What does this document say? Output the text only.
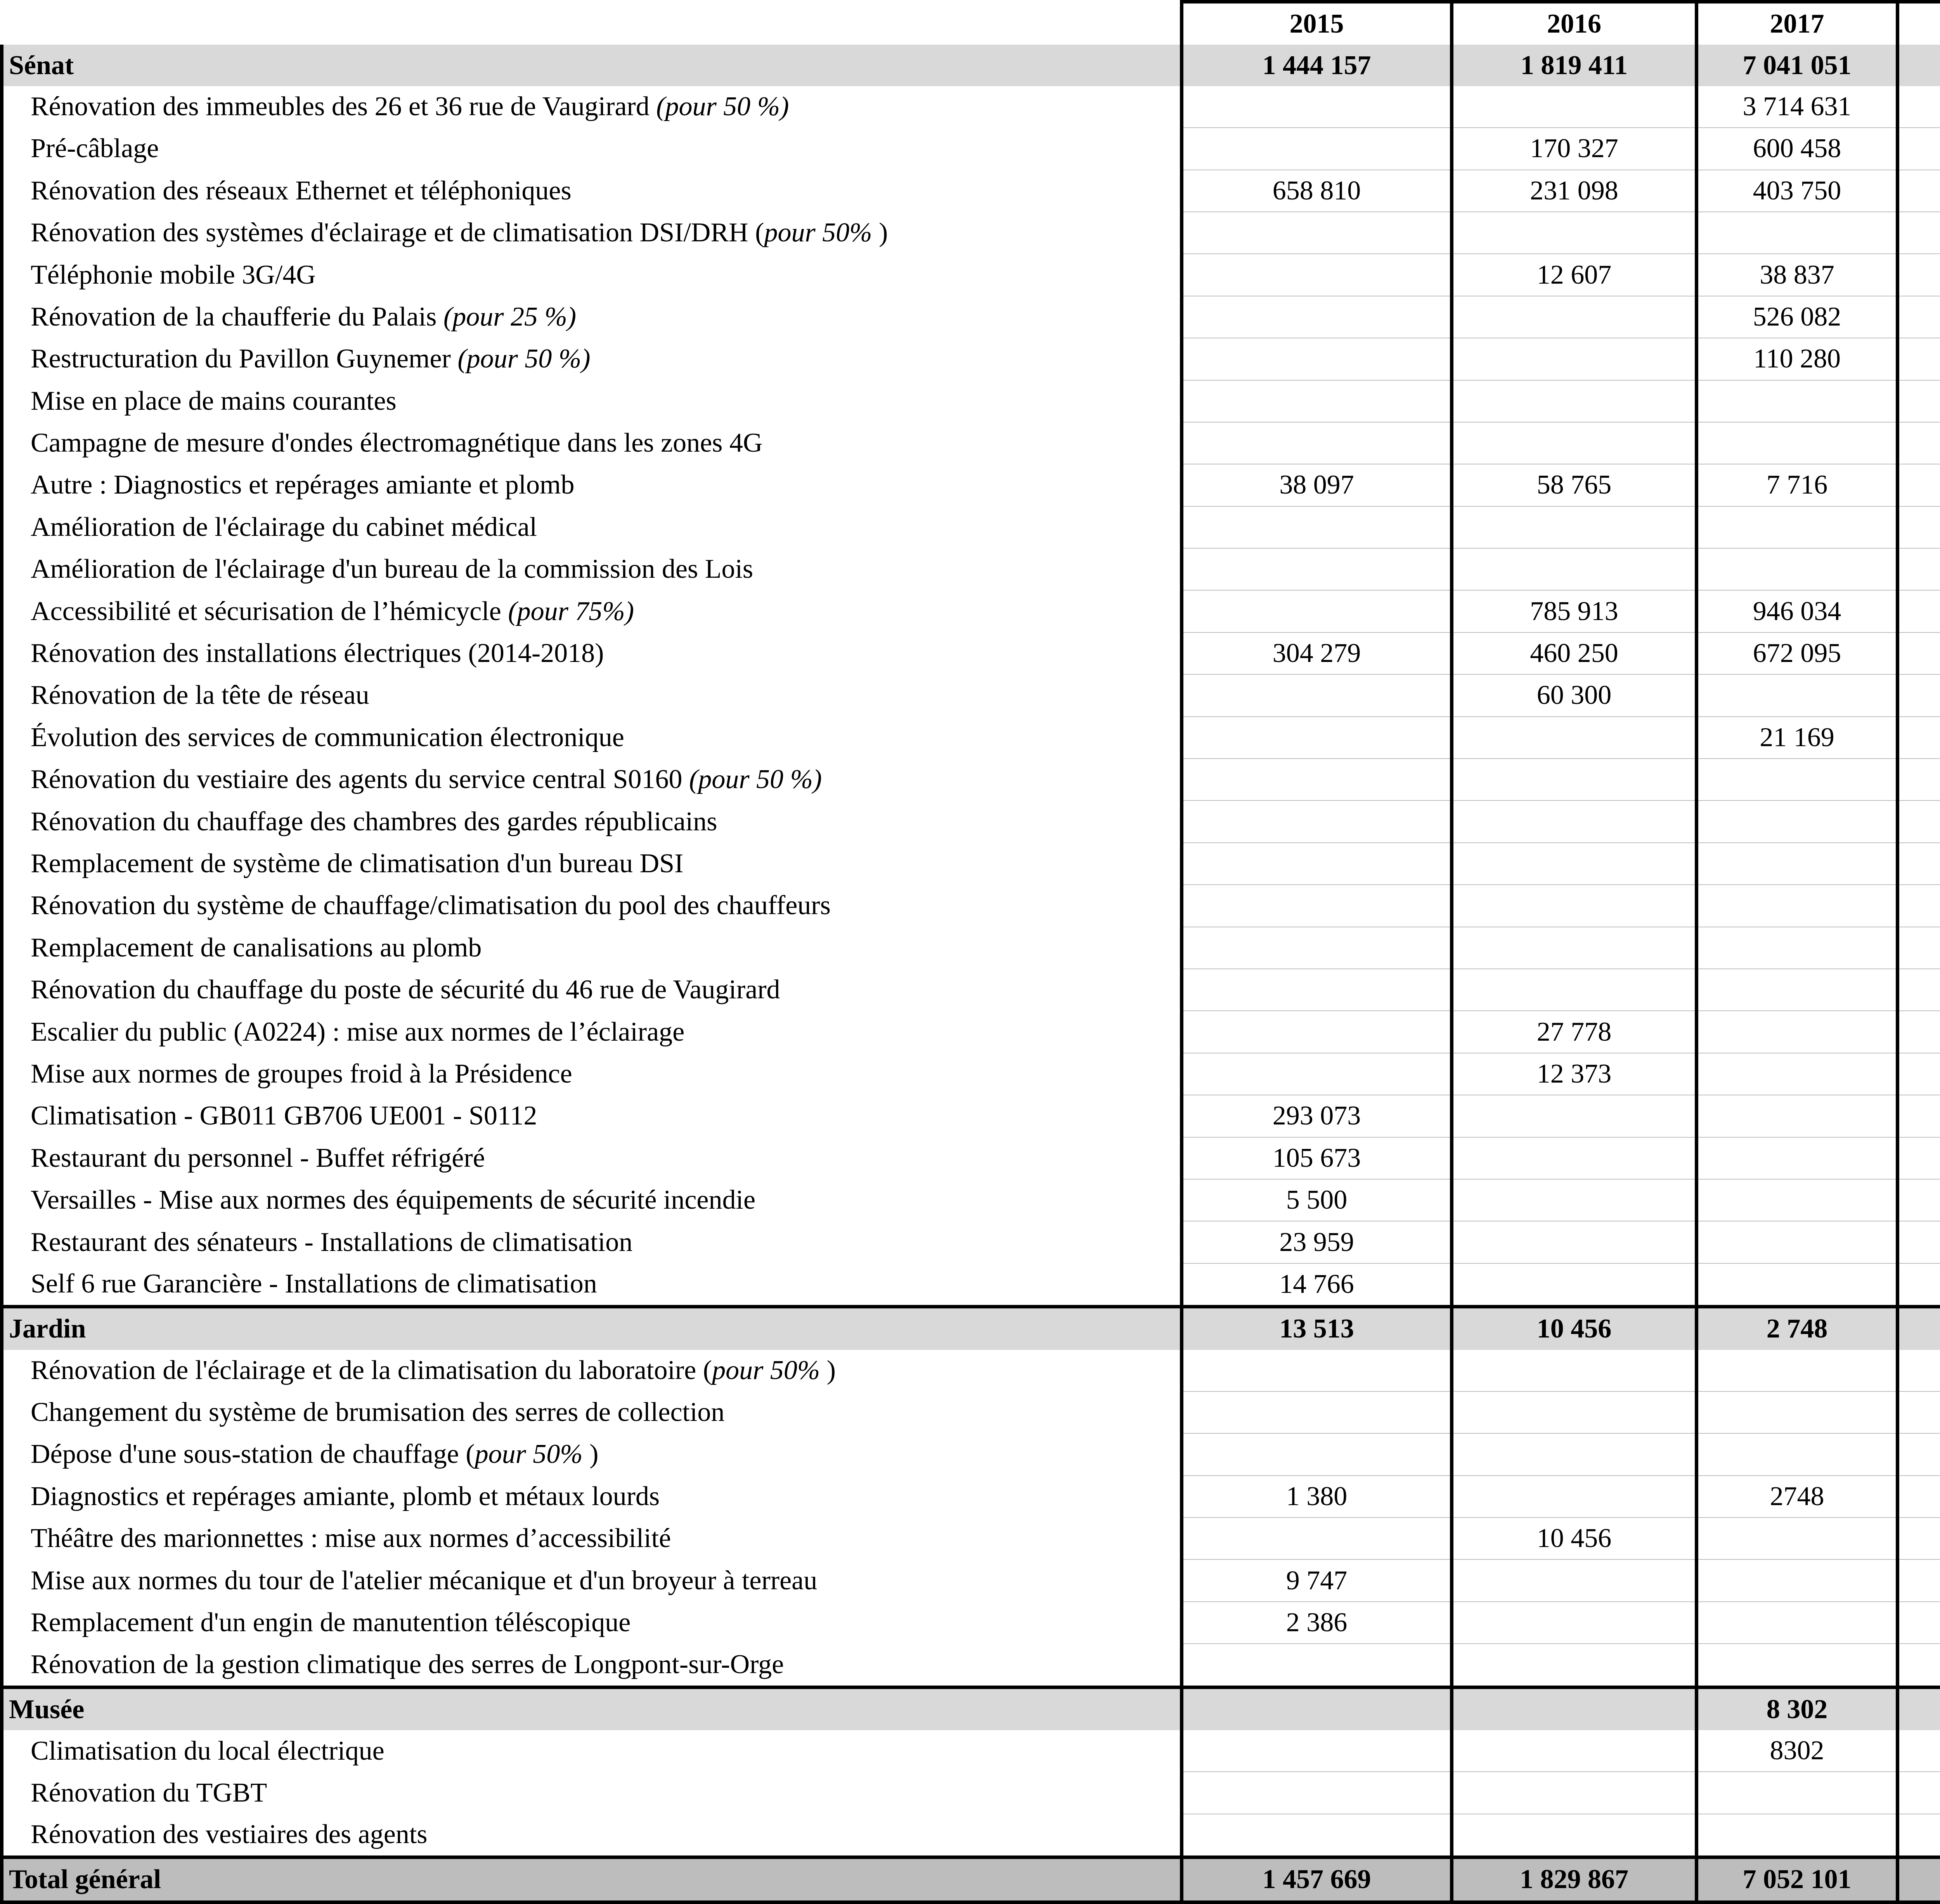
	2015	2016	2017		
Sénat	1 444 157	1 819 411	7 041 051		
Rénovation des immeubles des 26 et 36 rue de Vaugirard (pour 50 %)			3 714 631		
Pré-câblage		170 327	600 458		
Rénovation des réseaux Ethernet et téléphoniques	658 810	231 098	403 750		
Rénovation des systèmes d'éclairage et de climatisation DSI/DRH (pour 50% )					
Téléphonie mobile 3G/4G		12 607	38 837		
Rénovation de la chaufferie du Palais (pour 25 %)			526 082		
Restructuration du Pavillon Guynemer (pour 50 %)			110 280		
Mise en place de mains courantes					
Campagne de mesure d'ondes électromagnétique dans les zones 4G					
Autre : Diagnostics et repérages amiante et plomb	38 097	58 765	7 716		
Amélioration de l'éclairage du cabinet médical					
Amélioration de l'éclairage d'un bureau de la commission des Lois					
Accessibilité et sécurisation de l’hémicycle (pour 75%)		785 913	946 034		
Rénovation des installations électriques (2014-2018)	304 279	460 250	672 095		
Rénovation de la tête de réseau		60 300			
Évolution des services de communication électronique			21 169		
Rénovation du vestiaire des agents du service central S0160 (pour 50 %)					
Rénovation du chauffage des chambres des gardes républicains					
Remplacement de système de climatisation d'un bureau DSI					
Rénovation du système de chauffage/climatisation du pool des chauffeurs					
Remplacement de canalisations au plomb					
Rénovation du chauffage du poste de sécurité du 46 rue de Vaugirard					
Escalier du public (A0224) : mise aux normes de l’éclairage		27 778			
Mise aux normes de groupes froid à la Présidence		12 373			
Climatisation - GB011 GB706 UE001 - S0112	293 073				
Restaurant du personnel - Buffet réfrigéré	105 673				
Versailles - Mise aux normes des équipements de sécurité incendie	5 500				
Restaurant des sénateurs - Installations de climatisation	23 959				
Self 6 rue Garancière - Installations de climatisation	14 766				
Jardin	13 513	10 456	2 748		
Rénovation de l'éclairage et de la climatisation du laboratoire (pour 50% )					
Changement du système de brumisation des serres de collection					
Dépose d'une sous-station de chauffage (pour 50% )					
Diagnostics et repérages amiante, plomb et métaux lourds	1 380		2748		
Théâtre des marionnettes : mise aux normes d’accessibilité		10 456			
Mise aux normes du tour de l'atelier mécanique et d'un broyeur à terreau	9 747				
Remplacement d'un engin de manutention téléscopique	2 386				
Rénovation de la gestion climatique des serres de Longpont-sur-Orge					
Musée			8 302		
Climatisation du local électrique			8302		
Rénovation du TGBT					
Rénovation des vestiaires des agents					
Total général	1 457 669	1 829 867	7 052 101		
